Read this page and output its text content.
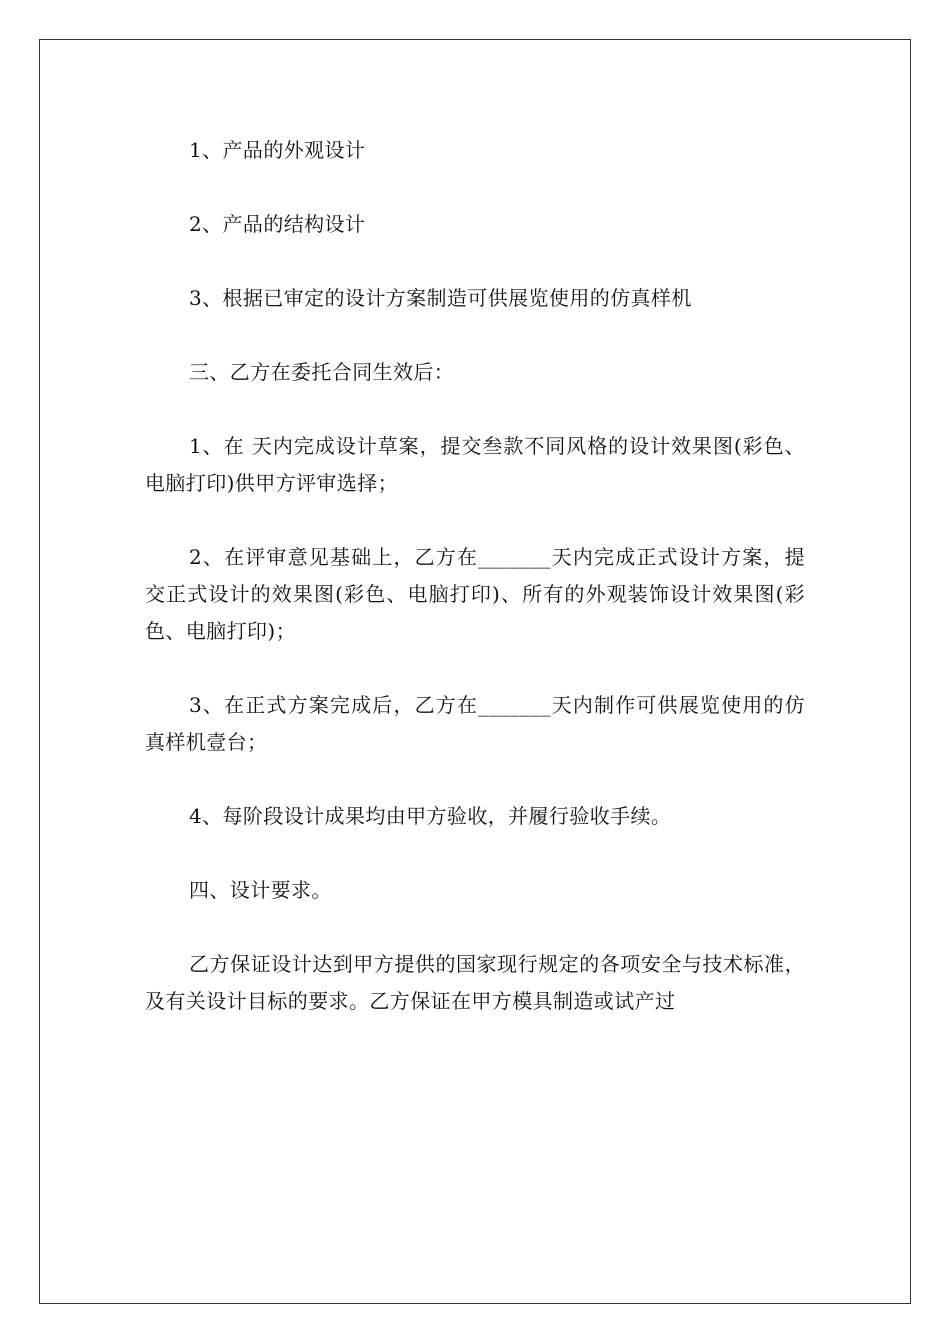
1、产品的外观设计

2、产品的结构设计

3、根据已审定的设计方案制造可供展览使用的仿真样机

三、乙方在委托合同生效后：

1、在 天内完成设计草案，提交叁款不同风格的设计效果图(彩色、电脑打印)供甲方评审选择；

2、在评审意见基础上，乙方在_______天内完成正式设计方案，提交正式设计的效果图(彩色、电脑打印)、所有的外观装饰设计效果图(彩色、电脑打印)；

3、在正式方案完成后，乙方在_______天内制作可供展览使用的仿真样机壹台；

4、每阶段设计成果均由甲方验收，并履行验收手续。

四、设计要求。

乙方保证设计达到甲方提供的国家现行规定的各项安全与技术标准，及有关设计目标的要求。乙方保证在甲方模具制造或试产过
